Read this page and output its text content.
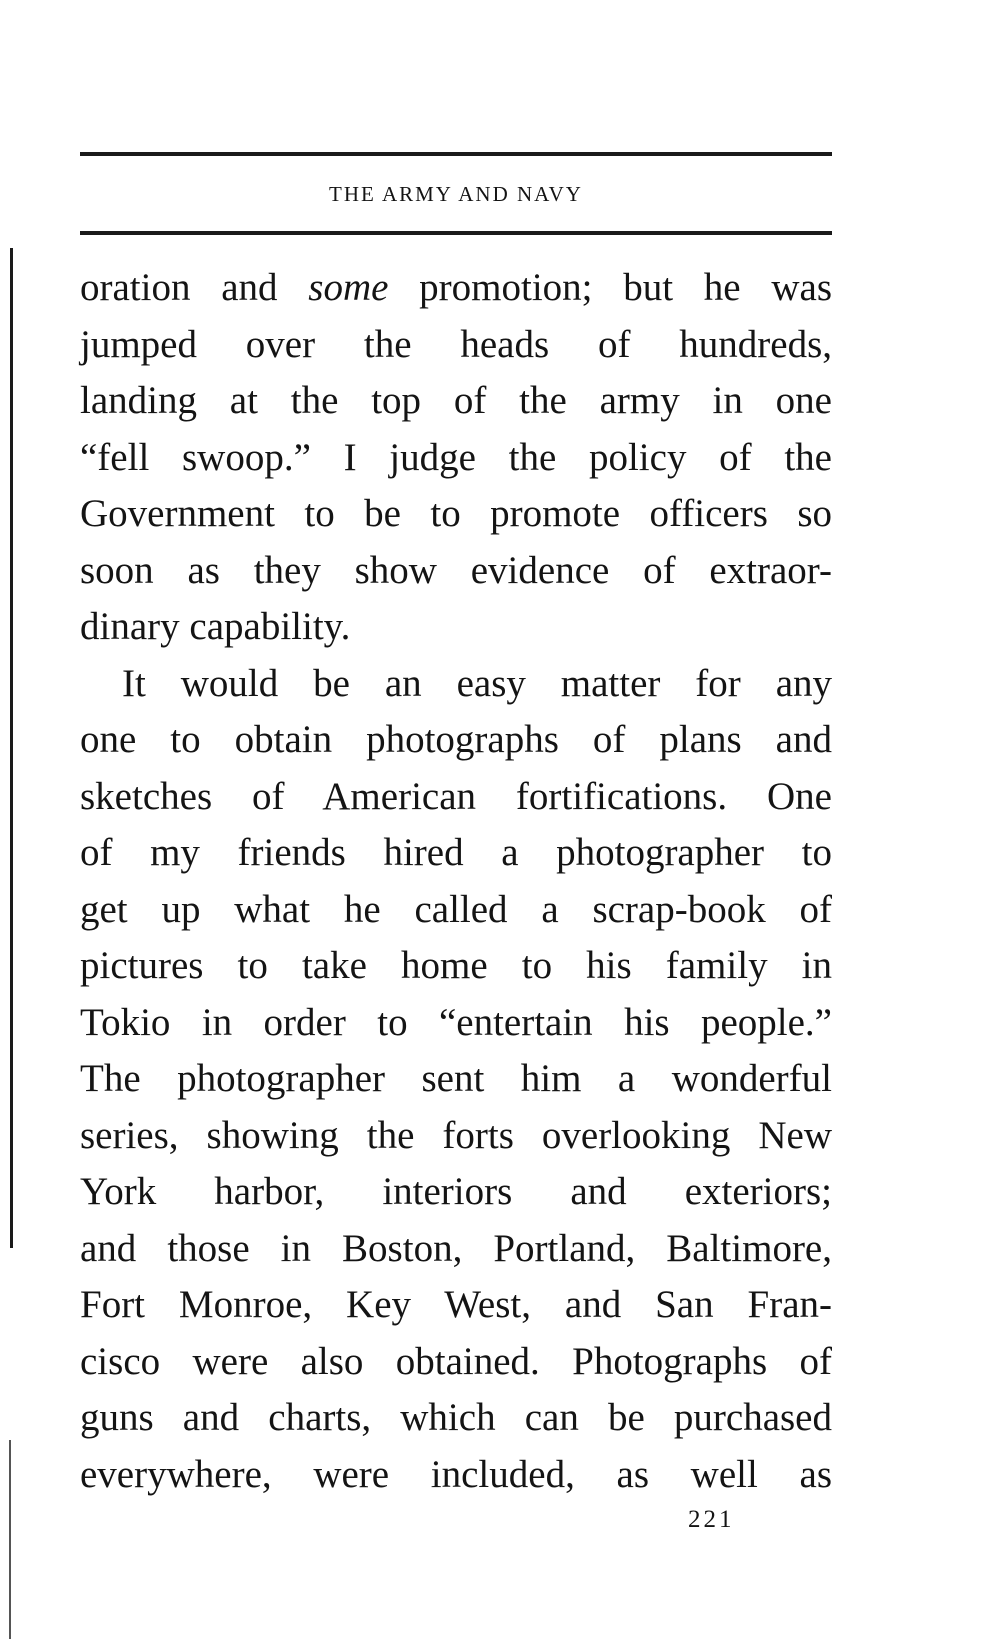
THE ARMY AND NAVY
oration and some promotion; but he was
jumped over the heads of hundreds,
landing at the top of the army in one
“fell swoop.” I judge the policy of the
Government to be to promote officers so
soon as they show evidence of extraor-
dinary capability.
It would be an easy matter for any
one to obtain photographs of plans and
sketches of American fortifications. One
of my friends hired a photographer to
get up what he called a scrap-book of
pictures to take home to his family in
Tokio in order to “entertain his people.”
The photographer sent him a wonderful
series, showing the forts overlooking New
York harbor, interiors and exteriors;
and those in Boston, Portland, Baltimore,
Fort Monroe, Key West, and San Fran-
cisco were also obtained. Photographs of
guns and charts, which can be purchased
everywhere, were included, as well as
221
